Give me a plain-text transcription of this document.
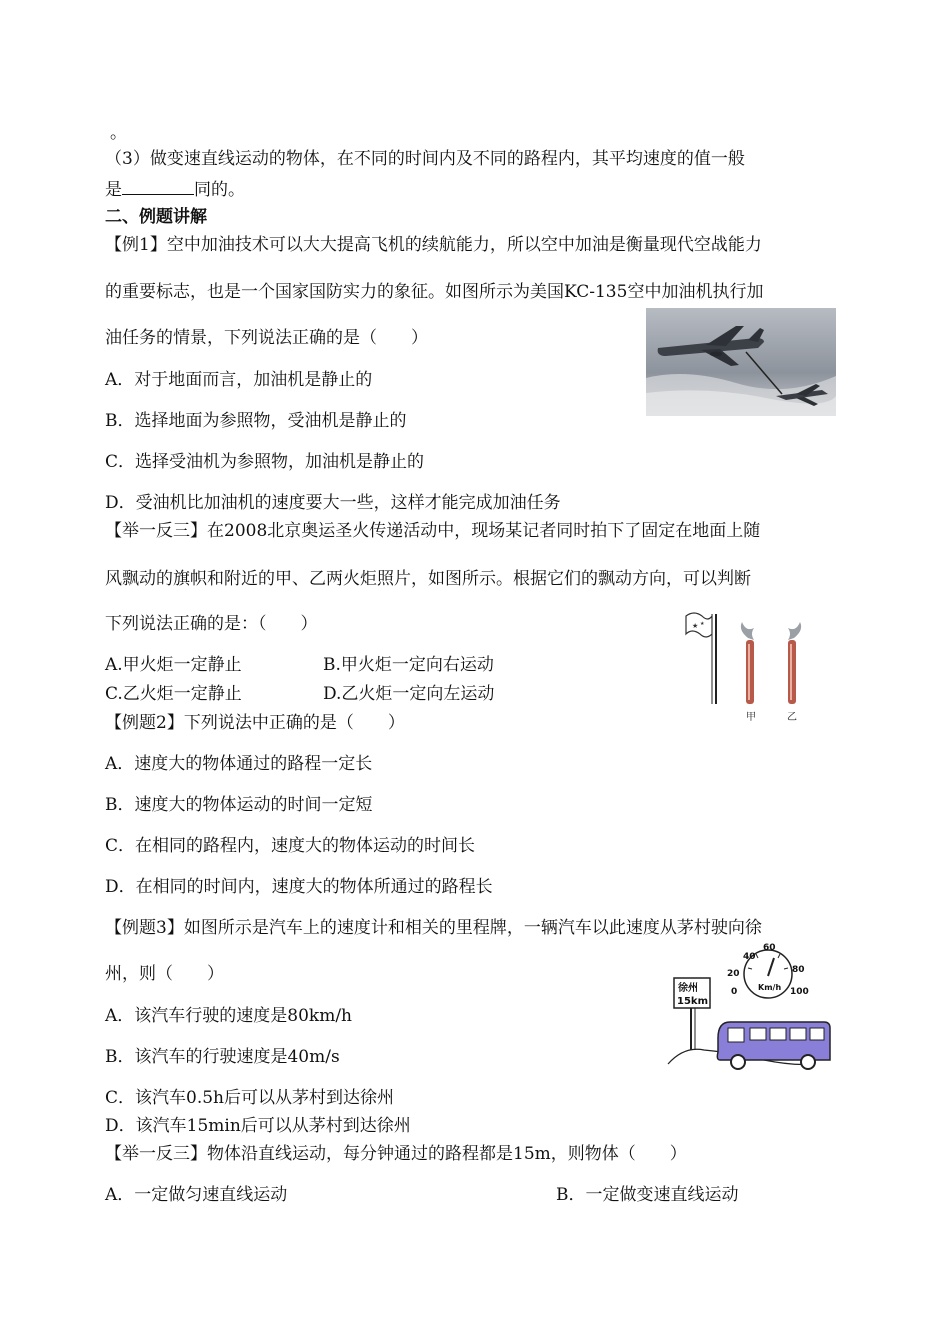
。
（3）做变速直线运动的物体，在不同的时间内及不同的路程内，其平均速度的值一般
是	同的。
二、例题讲解
【例1】空中加油技术可以大大提高飞机的续航能力，所以空中加油是衡量现代空战能力
的重要标志，也是一个国家国防实力的象征。如图所示为美国KC-135空中加油机执行加
油任务的情景，下列说法正确的是（　　）
A．对于地面而言，加油机是静止的
B．选择地面为参照物，受油机是静止的
C．选择受油机为参照物，加油机是静止的
D．受油机比加油机的速度要大一些，这样才能完成加油任务
【举一反三】在2008北京奥运圣火传递活动中，现场某记者同时拍下了固定在地面上随
风飘动的旗帜和附近的甲、乙两火炬照片，如图所示。根据它们的飘动方向，可以判断
下列说法正确的是：（　　）
A.甲火炬一定静止	B.甲火炬一定向右运动
C.乙火炬一定静止	D.乙火炬一定向左运动
★ ★
甲	乙
【例题2】下列说法中正确的是（　　）
A．速度大的物体通过的路程一定长
B．速度大的物体运动的时间一定短
C．在相同的路程内，速度大的物体运动的时间长
D．在相同的时间内，速度大的物体所通过的路程长
【例题3】如图所示是汽车上的速度计和相关的里程牌，一辆汽车以此速度从茅村驶向徐
州，则（　　）
A．该汽车行驶的速度是80km/h
B．该汽车的行驶速度是40m/s
C．该汽车0.5h后可以从茅村到达徐州
D．该汽车15min后可以从茅村到达徐州
0
20
40
60
80
100
Km/h
徐州
15km
【举一反三】物体沿直线运动，每分钟通过的路程都是15m，则物体（　　）
A．一定做匀速直线运动	B．一定做变速直线运动
